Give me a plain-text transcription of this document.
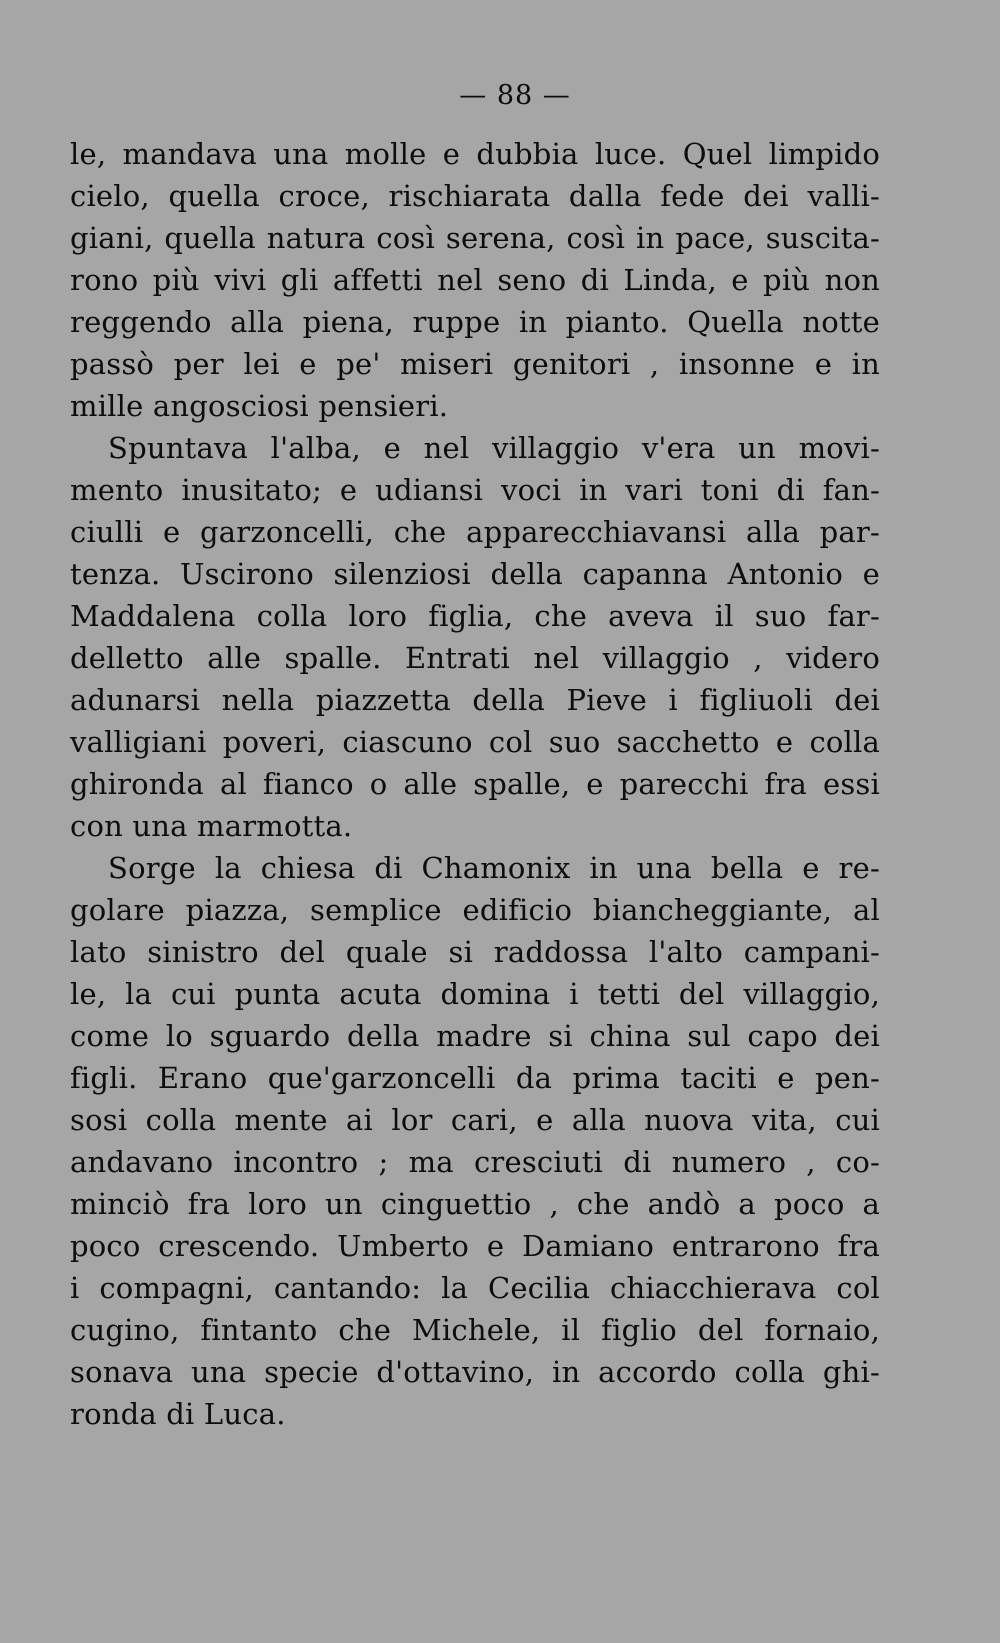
— 88 —
le, mandava una molle e dubbia luce. Quel limpido
cielo, quella croce, rischiarata dalla fede dei valli-
giani, quella natura così serena, così in pace, suscita-
rono più vivi gli affetti nel seno di Linda, e più non
reggendo alla piena, ruppe in pianto. Quella notte
passò per lei e pe' miseri genitori , insonne e in
mille angosciosi pensieri.
Spuntava l'alba, e nel villaggio v'era un movi-
mento inusitato; e udiansi voci in vari toni di fan-
ciulli e garzoncelli, che apparecchiavansi alla par-
tenza. Uscirono silenziosi della capanna Antonio e
Maddalena colla loro figlia, che aveva il suo far-
delletto alle spalle. Entrati nel villaggio , videro
adunarsi nella piazzetta della Pieve i figliuoli dei
valligiani poveri, ciascuno col suo sacchetto e colla
ghironda al fianco o alle spalle, e parecchi fra essi
con una marmotta.
Sorge la chiesa di Chamonix in una bella e re-
golare piazza, semplice edificio biancheggiante, al
lato sinistro del quale si raddossa l'alto campani-
le, la cui punta acuta domina i tetti del villaggio,
come lo sguardo della madre si china sul capo dei
figli. Erano que'garzoncelli da prima taciti e pen-
sosi colla mente ai lor cari, e alla nuova vita, cui
andavano incontro ; ma cresciuti di numero , co-
minciò fra loro un cinguettio , che andò a poco a
poco crescendo. Umberto e Damiano entrarono fra
i compagni, cantando: la Cecilia chiacchierava col
cugino, fintanto che Michele, il figlio del fornaio,
sonava una specie d'ottavino, in accordo colla ghi-
ronda di Luca.
